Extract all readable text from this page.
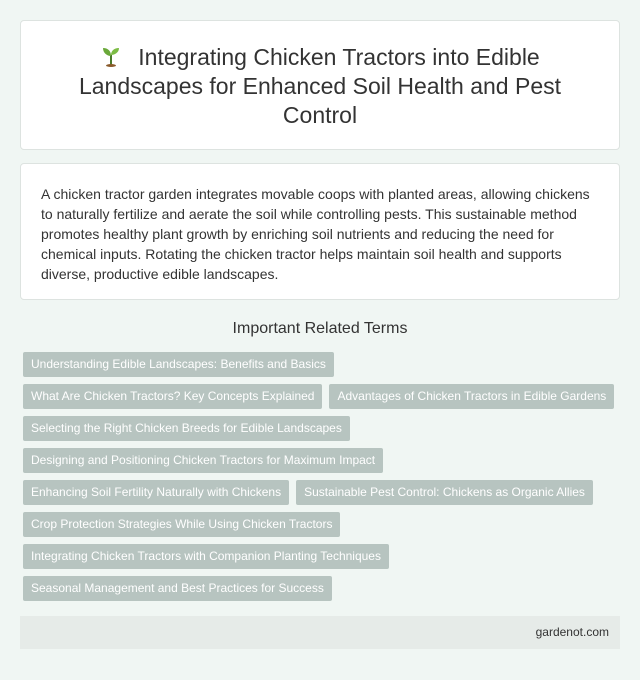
Integrating Chicken Tractors into Edible Landscapes for Enhanced Soil Health and Pest Control

A chicken tractor garden integrates movable coops with planted areas, allowing chickens to naturally fertilize and aerate the soil while controlling pests. This sustainable method promotes healthy plant growth by enriching soil nutrients and reducing the need for chemical inputs. Rotating the chicken tractor helps maintain soil health and supports diverse, productive edible landscapes.

Important Related Terms
Understanding Edible Landscapes: Benefits and Basics
What Are Chicken Tractors? Key Concepts Explained	Advantages of Chicken Tractors in Edible Gardens
Selecting the Right Chicken Breeds for Edible Landscapes
Designing and Positioning Chicken Tractors for Maximum Impact
Enhancing Soil Fertility Naturally with Chickens	Sustainable Pest Control: Chickens as Organic Allies
Crop Protection Strategies While Using Chicken Tractors
Integrating Chicken Tractors with Companion Planting Techniques
Seasonal Management and Best Practices for Success
gardenot.com
